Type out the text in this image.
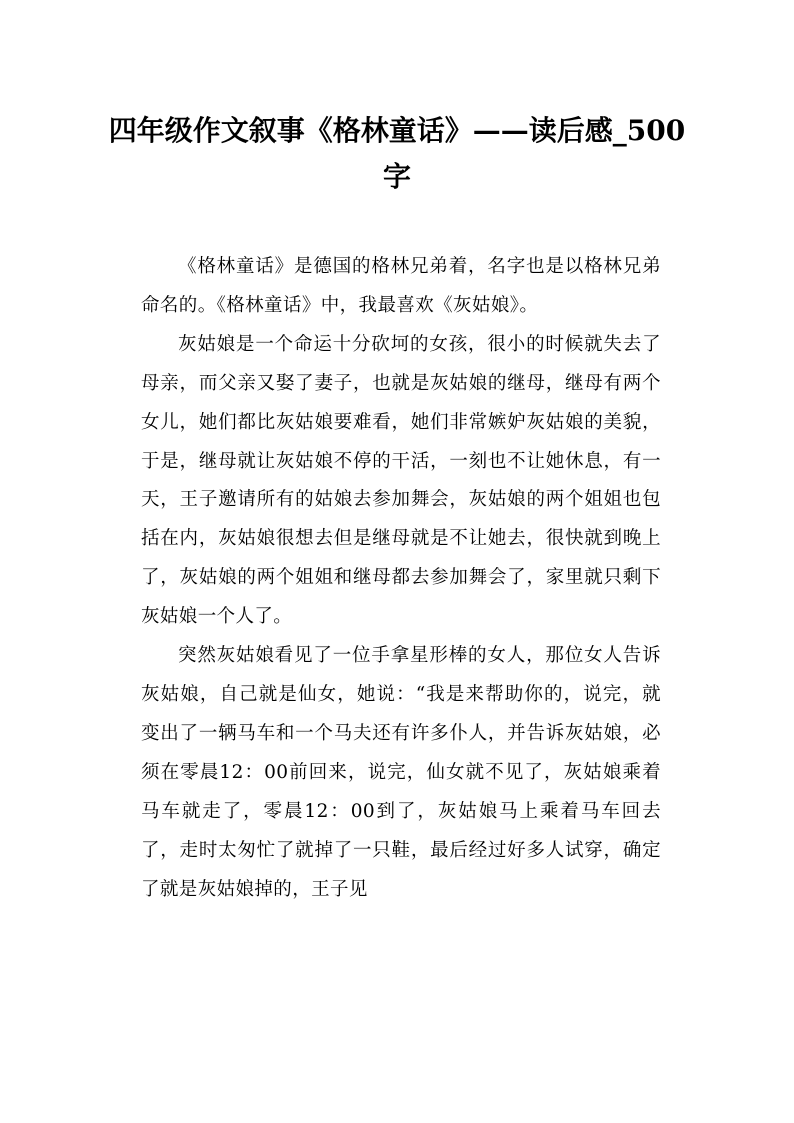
四年级作文叙事《格林童话》——读后感_500字

《格林童话》是德国的格林兄弟着，名字也是以格林兄弟命名的。《格林童话》中，我最喜欢《灰姑娘》。

灰姑娘是一个命运十分砍坷的女孩，很小的时候就失去了母亲，而父亲又娶了妻子，也就是灰姑娘的继母，继母有两个女儿，她们都比灰姑娘要难看，她们非常嫉妒灰姑娘的美貌，于是，继母就让灰姑娘不停的干活，一刻也不让她休息，有一天，王子邀请所有的姑娘去参加舞会，灰姑娘的两个姐姐也包括在内，灰姑娘很想去但是继母就是不让她去，很快就到晚上了，灰姑娘的两个姐姐和继母都去参加舞会了，家里就只剩下灰姑娘一个人了。

突然灰姑娘看见了一位手拿星形棒的女人，那位女人告诉灰姑娘，自己就是仙女，她说：“我是来帮助你的，说完，就变出了一辆马车和一个马夫还有许多仆人，并告诉灰姑娘，必须在零晨12：00前回来，说完，仙女就不见了，灰姑娘乘着马车就走了，零晨12：00到了，灰姑娘马上乘着马车回去了，走时太匆忙了就掉了一只鞋，最后经过好多人试穿，确定了就是灰姑娘掉的，王子见
